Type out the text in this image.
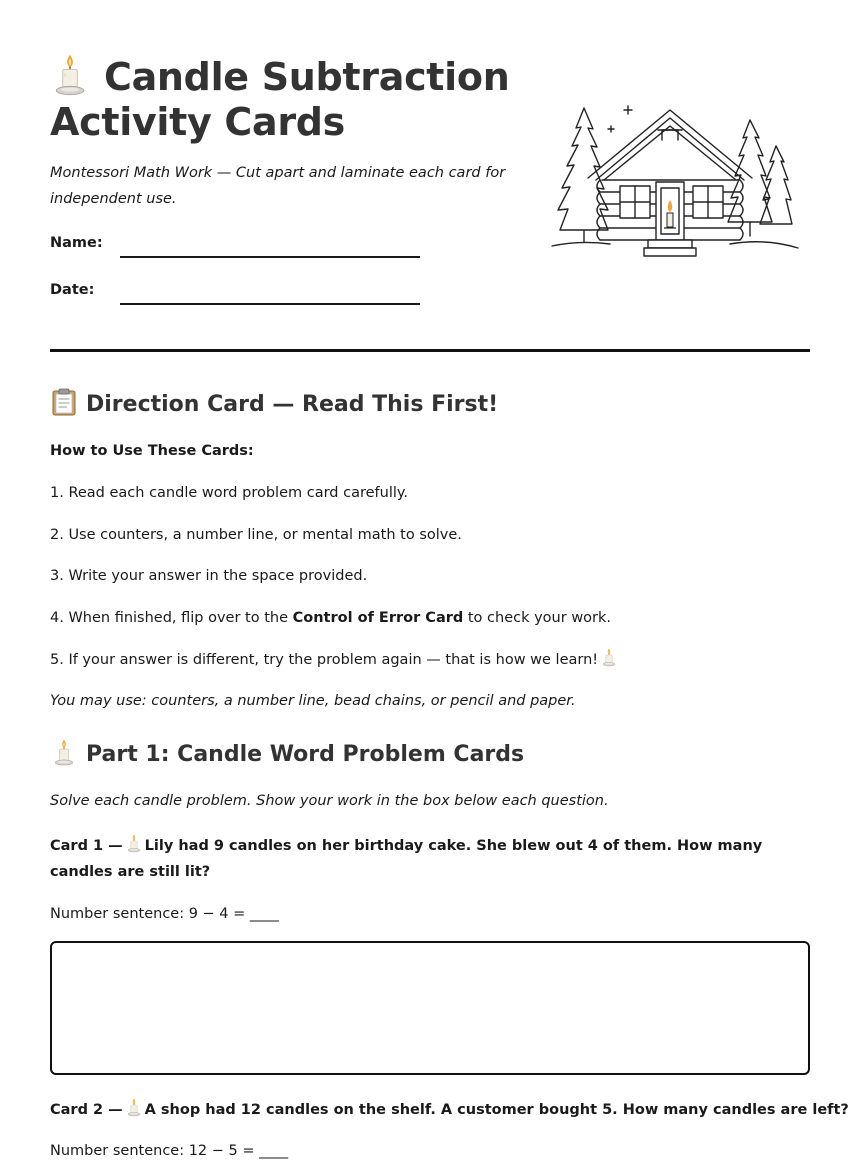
Candle Subtraction
Activity Cards

Montessori Math Work — Cut apart and laminate each card for independent use.

Name:
Date:
Direction Card — Read This First!

How to Use These Cards:

1. Read each candle word problem card carefully.

2. Use counters, a number line, or mental math to solve.

3. Write your answer in the space provided.

4. When finished, flip over to the Control of Error Card to check your work.

5. If your answer is different, try the problem again — that is how we learn!

You may use: counters, a number line, bead chains, or pencil and paper.

Part 1: Candle Word Problem Cards

Solve each candle problem. Show your work in the box below each question.

Card 1 — Lily had 9 candles on her birthday cake. She blew out 4 of them. How many candles are still lit?

Number sentence: 9 − 4 = ____

Card 2 — A shop had 12 candles on the shelf. A customer bought 5. How many candles are left?

Number sentence: 12 − 5 = ____
